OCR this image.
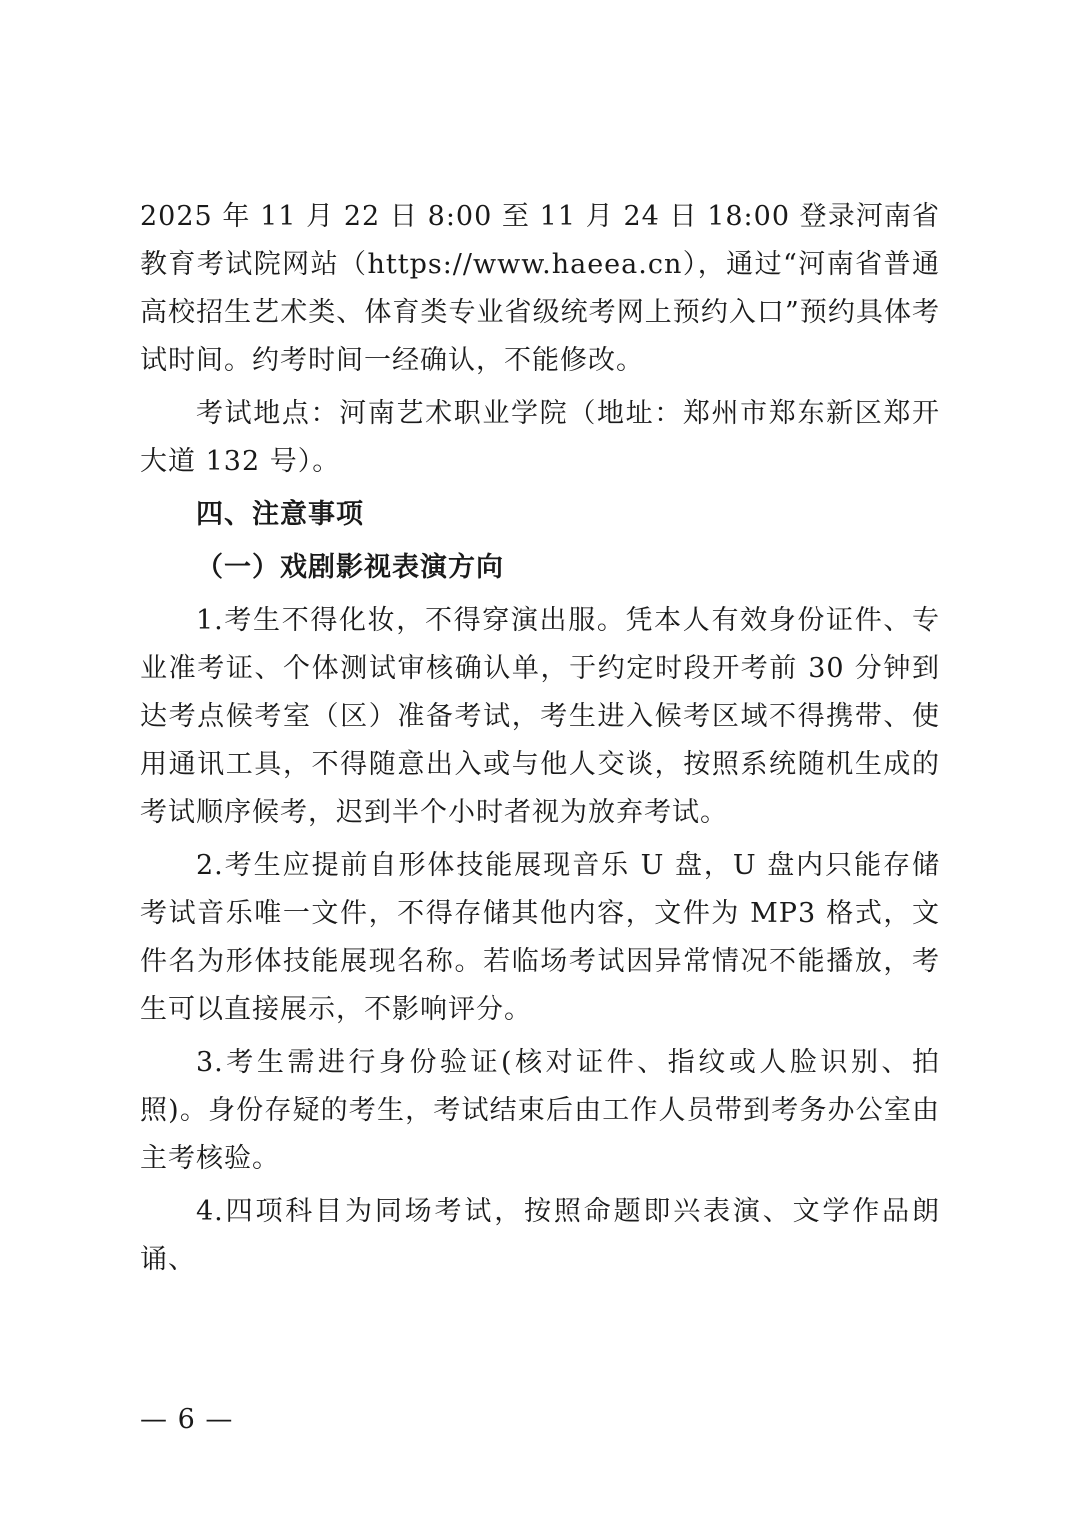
2025 年 11 月 22 日 8:00 至 11 月 24 日 18:00 登录河南省教育考试院网站（https://www.haeea.cn），通过“河南省普通高校招生艺术类、体育类专业省级统考网上预约入口”预约具体考试时间。约考时间一经确认，不能修改。

考试地点：河南艺术职业学院（地址：郑州市郑东新区郑开大道 132 号）。

四、注意事项

（一）戏剧影视表演方向

1.考生不得化妆，不得穿演出服。凭本人有效身份证件、专业准考证、个体测试审核确认单，于约定时段开考前 30 分钟到达考点候考室（区）准备考试，考生进入候考区域不得携带、使用通讯工具，不得随意出入或与他人交谈，按照系统随机生成的考试顺序候考，迟到半个小时者视为放弃考试。

2.考生应提前自形体技能展现音乐 U 盘，U 盘内只能存储考试音乐唯一文件，不得存储其他内容，文件为 MP3 格式，文件名为形体技能展现名称。若临场考试因异常情况不能播放，考生可以直接展示，不影响评分。

3.考生需进行身份验证(核对证件、指纹或人脸识别、拍照)。身份存疑的考生，考试结束后由工作人员带到考务办公室由主考核验。

4.四项科目为同场考试，按照命题即兴表演、文学作品朗诵、

— 6 —
